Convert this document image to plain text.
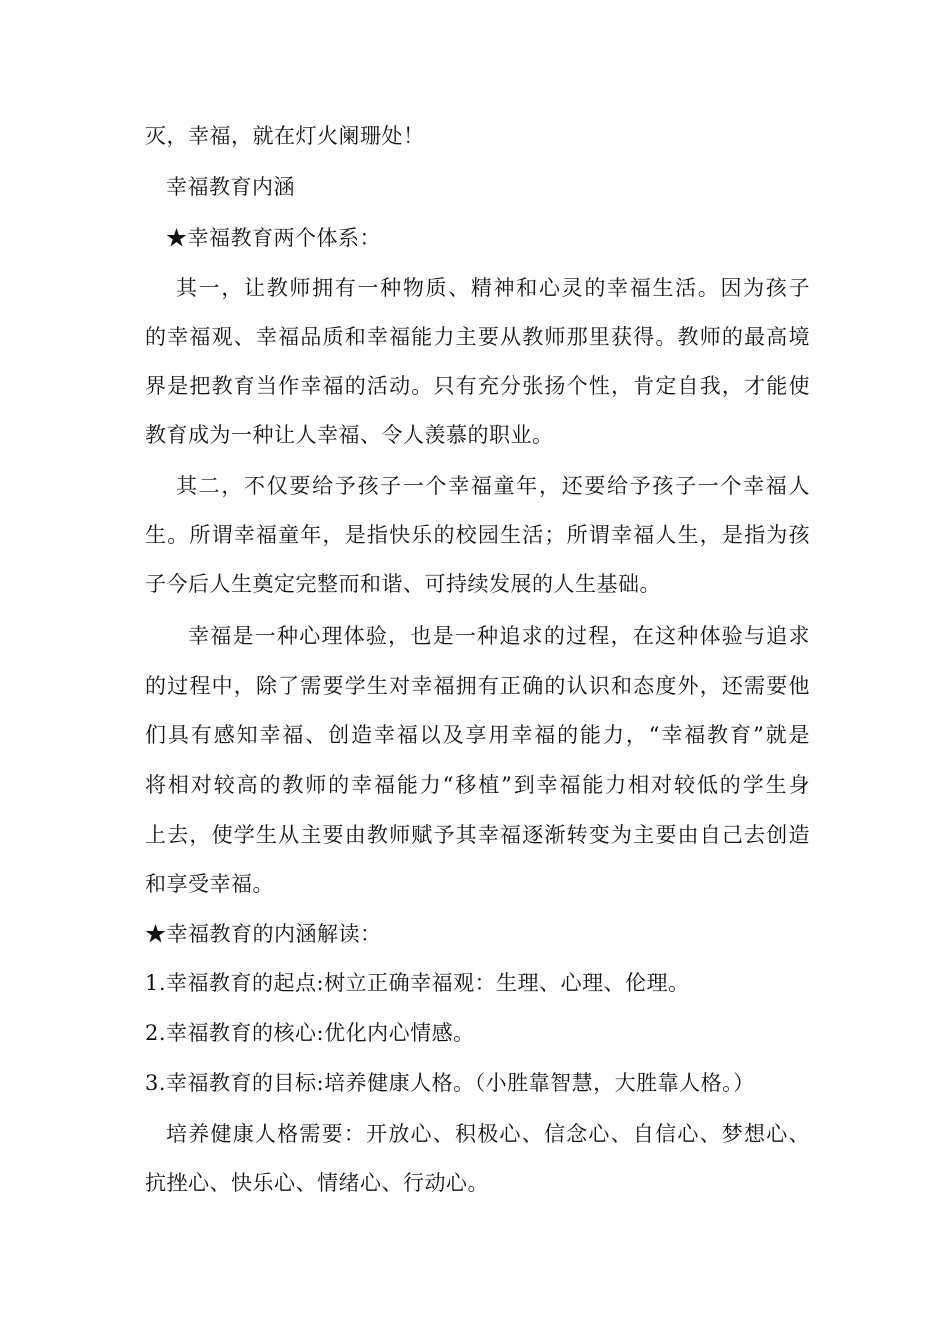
灭，幸福，就在灯火阑珊处！
幸福教育内涵
★幸福教育两个体系：
其一，让教师拥有一种物质、精神和心灵的幸福生活。因为孩子
的幸福观、幸福品质和幸福能力主要从教师那里获得。教师的最高境
界是把教育当作幸福的活动。只有充分张扬个性，肯定自我，才能使
教育成为一种让人幸福、令人羡慕的职业。
其二，不仅要给予孩子一个幸福童年，还要给予孩子一个幸福人
生。所谓幸福童年，是指快乐的校园生活；所谓幸福人生，是指为孩
子今后人生奠定完整而和谐、可持续发展的人生基础。
幸福是一种心理体验，也是一种追求的过程，在这种体验与追求
的过程中，除了需要学生对幸福拥有正确的认识和态度外，还需要他
们具有感知幸福、创造幸福以及享用幸福的能力，“幸福教育”就是
将相对较高的教师的幸福能力“移植”到幸福能力相对较低的学生身
上去，使学生从主要由教师赋予其幸福逐渐转变为主要由自己去创造
和享受幸福。
★幸福教育的内涵解读：
1.幸福教育的起点:树立正确幸福观：生理、心理、伦理。
2.幸福教育的核心:优化内心情感。
3.幸福教育的目标:培养健康人格。（小胜靠智慧，大胜靠人格。）
培养健康人格需要：开放心、积极心、信念心、自信心、梦想心、
抗挫心、快乐心、情绪心、行动心。
